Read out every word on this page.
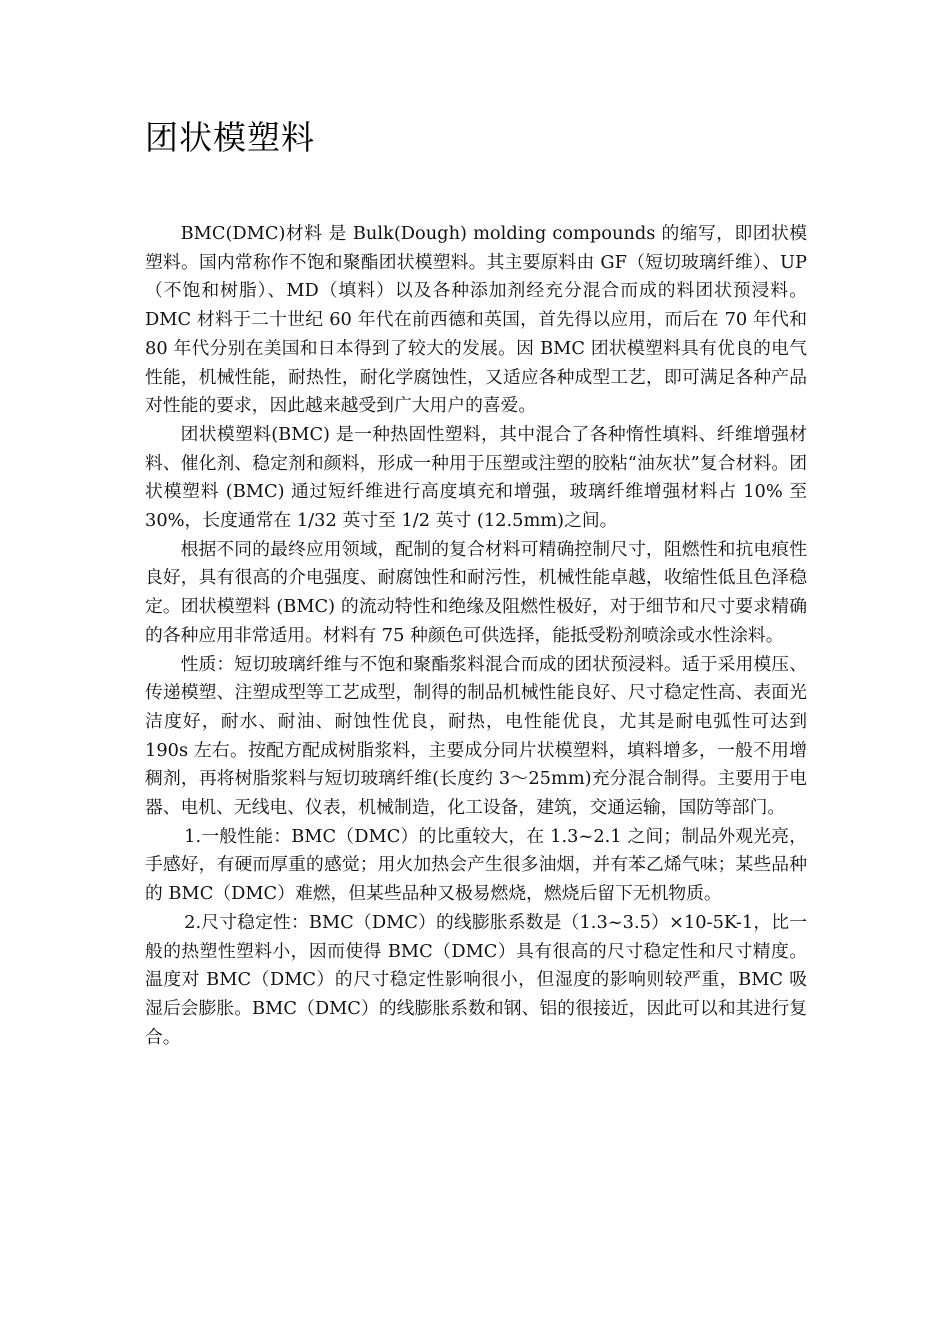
团状模塑料

BMC(DMC)材料 是 Bulk(Dough) molding compounds 的缩写，即团状模塑料。国内常称作不饱和聚酯团状模塑料。其主要原料由 GF（短切玻璃纤维）、UP（不饱和树脂）、MD（填料）以及各种添加剂经充分混合而成的料团状预浸料。DMC 材料于二十世纪 60 年代在前西德和英国，首先得以应用，而后在 70 年代和 80 年代分别在美国和日本得到了较大的发展。因 BMC 团状模塑料具有优良的电气性能，机械性能，耐热性，耐化学腐蚀性，又适应各种成型工艺，即可满足各种产品对性能的要求，因此越来越受到广大用户的喜爱。

团状模塑料(BMC) 是一种热固性塑料，其中混合了各种惰性填料、纤维增强材料、催化剂、稳定剂和颜料，形成一种用于压塑或注塑的胶粘“油灰状”复合材料。团状模塑料 (BMC) 通过短纤维进行高度填充和增强，玻璃纤维增强材料占 10% 至 30%，长度通常在 1/32 英寸至 1/2 英寸 (12.5mm)之间。

根据不同的最终应用领域，配制的复合材料可精确控制尺寸，阻燃性和抗电痕性良好，具有很高的介电强度、耐腐蚀性和耐污性，机械性能卓越，收缩性低且色泽稳定。团状模塑料 (BMC) 的流动特性和绝缘及阻燃性极好，对于细节和尺寸要求精确的各种应用非常适用。材料有 75 种颜色可供选择，能抵受粉剂喷涂或水性涂料。

性质：短切玻璃纤维与不饱和聚酯浆料混合而成的团状预浸料。适于采用模压、传递模塑、注塑成型等工艺成型，制得的制品机械性能良好、尺寸稳定性高、表面光洁度好，耐水、耐油、耐蚀性优良，耐热，电性能优良，尤其是耐电弧性可达到 190s 左右。按配方配成树脂浆料，主要成分同片状模塑料，填料增多，一般不用增稠剂，再将树脂浆料与短切玻璃纤维(长度约 3～25mm)充分混合制得。主要用于电器、电机、无线电、仪表，机械制造，化工设备，建筑，交通运输，国防等部门。

1.一般性能：BMC（DMC）的比重较大，在 1.3~2.1 之间；制品外观光亮，手感好，有硬而厚重的感觉；用火加热会产生很多油烟，并有苯乙烯气味；某些品种的 BMC（DMC）难燃，但某些品种又极易燃烧，燃烧后留下无机物质。

2.尺寸稳定性：BMC（DMC）的线膨胀系数是（1.3~3.5）×10-5K-1，比一般的热塑性塑料小，因而使得 BMC（DMC）具有很高的尺寸稳定性和尺寸精度。温度对 BMC（DMC）的尺寸稳定性影响很小，但湿度的影响则较严重，BMC 吸湿后会膨胀。BMC（DMC）的线膨胀系数和钢、铝的很接近，因此可以和其进行复合。
